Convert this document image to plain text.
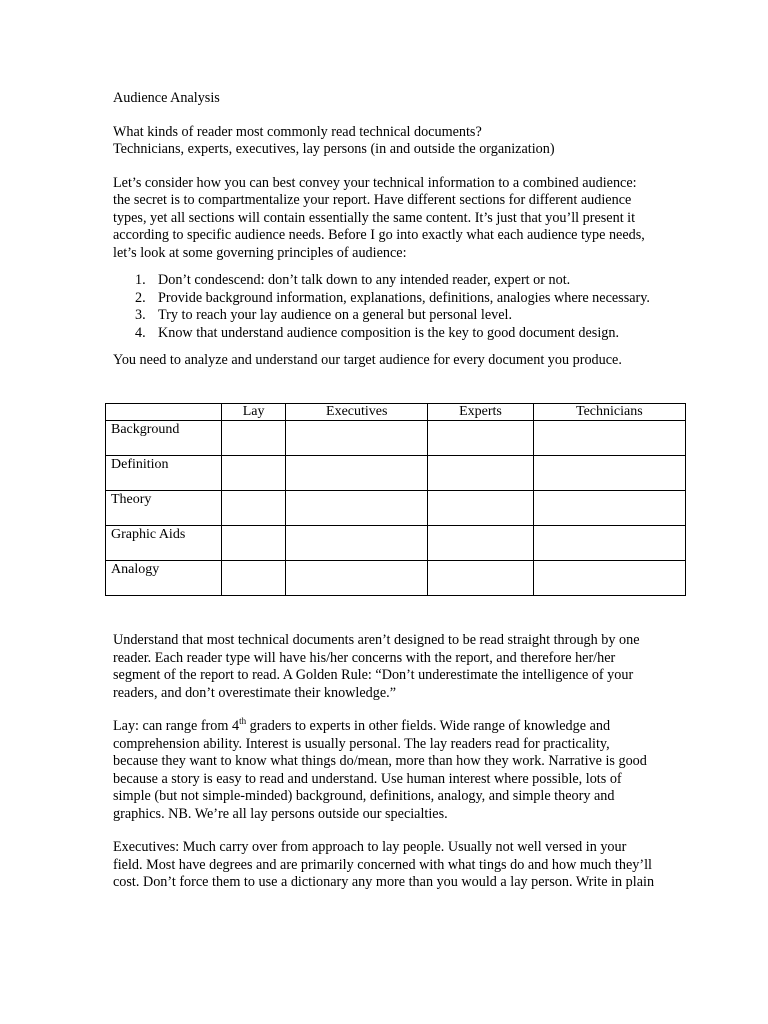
Audience Analysis
What kinds of reader most commonly read technical documents?
Technicians, experts, executives, lay persons (in and outside the organization)
Let’s consider how you can best convey your technical information to a combined audience:
the secret is to compartmentalize your report. Have different sections for different audience
types, yet all sections will contain essentially the same content. It’s just that you’ll present it
according to specific audience needs. Before I go into exactly what each audience type needs,
let’s look at some governing principles of audience:
1. Don’t condescend: don’t talk down to any intended reader, expert or not.
2. Provide background information, explanations, definitions, analogies where necessary.
3. Try to reach your lay audience on a general but personal level.
4. Know that understand audience composition is the key to good document design.
You need to analyze and understand our target audience for every document you produce.
	Lay	Executives	Experts	Technicians
Background				
Definition				
Theory				
Graphic Aids				
Analogy				
Understand that most technical documents aren’t designed to be read straight through by one
reader. Each reader type will have his/her concerns with the report, and therefore her/her
segment of the report to read. A Golden Rule: “Don’t underestimate the intelligence of your
readers, and don’t overestimate their knowledge.”
Lay: can range from 4th graders to experts in other fields. Wide range of knowledge and
comprehension ability. Interest is usually personal. The lay readers read for practicality,
because they want to know what things do/mean, more than how they work. Narrative is good
because a story is easy to read and understand. Use human interest where possible, lots of
simple (but not simple-minded) background, definitions, analogy, and simple theory and
graphics. NB. We’re all lay persons outside our specialties.
Executives: Much carry over from approach to lay people. Usually not well versed in your
field. Most have degrees and are primarily concerned with what tings do and how much they’ll
cost. Don’t force them to use a dictionary any more than you would a lay person. Write in plain
